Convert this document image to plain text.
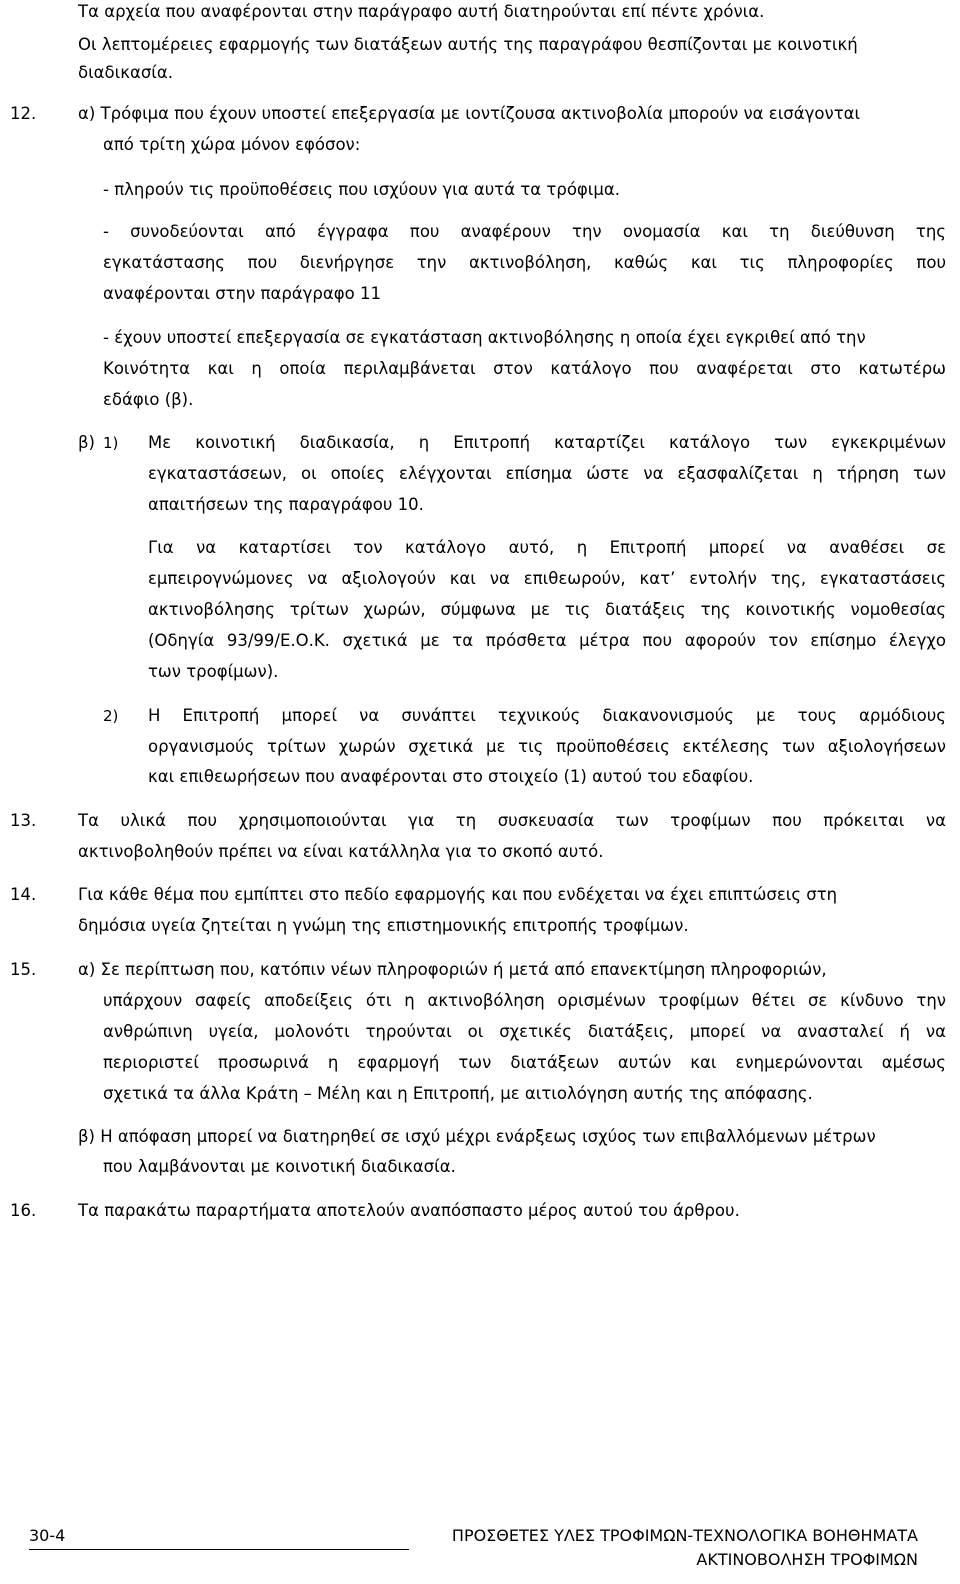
Τα αρχεία που αναφέρονται στην παράγραφο αυτή διατηρούνται επί πέντε χρόνια.
Οι λεπτομέρειες εφαρμογής των διατάξεων αυτής της παραγράφου θεσπίζονται με κοινοτική
διαδικασία.
12.	α) Τρόφιμα που έχουν υποστεί επεξεργασία με ιοντίζουσα ακτινοβολία μπορούν να εισάγονται
από τρίτη χώρα μόνον εφόσον:
- πληρούν τις προϋποθέσεις που ισχύουν για αυτά τα τρόφιμα.
- συνοδεύονται από έγγραφα που αναφέρουν την ονομασία και τη διεύθυνση της
εγκατάστασης που διενήργησε την ακτινοβόληση, καθώς και τις πληροφορίες που
αναφέρονται στην παράγραφο 11
- έχουν υποστεί επεξεργασία σε εγκατάσταση ακτινοβόλησης η οποία έχει εγκριθεί από την
Κοινότητα και η οποία περιλαμβάνεται στον κατάλογο που αναφέρεται στο κατωτέρω
εδάφιο (β).
β) 1) Με κοινοτική διαδικασία, η Επιτροπή καταρτίζει κατάλογο των εγκεκριμένων
εγκαταστάσεων, οι οποίες ελέγχονται επίσημα ώστε να εξασφαλίζεται η τήρηση των
απαιτήσεων της παραγράφου 10.
Για να καταρτίσει τον κατάλογο αυτό, η Επιτροπή μπορεί να αναθέσει σε
εμπειρογνώμονες να αξιολογούν και να επιθεωρούν, κατ’ εντολήν της, εγκαταστάσεις
ακτινοβόλησης τρίτων χωρών, σύμφωνα με τις διατάξεις της κοινοτικής νομοθεσίας
(Οδηγία 93/99/Ε.Ο.Κ. σχετικά με τα πρόσθετα μέτρα που αφορούν τον επίσημο έλεγχο
των τροφίμων).
2) Η Επιτροπή μπορεί να συνάπτει τεχνικούς διακανονισμούς με τους αρμόδιους
οργανισμούς τρίτων χωρών σχετικά με τις προϋποθέσεις εκτέλεσης των αξιολογήσεων
και επιθεωρήσεων που αναφέρονται στο στοιχείο (1) αυτού του εδαφίου.
13.	Τα υλικά που χρησιμοποιούνται για τη συσκευασία των τροφίμων που πρόκειται να
ακτινοβοληθούν πρέπει να είναι κατάλληλα για το σκοπό αυτό.
14.	Για κάθε θέμα που εμπίπτει στο πεδίο εφαρμογής και που ενδέχεται να έχει επιπτώσεις στη
δημόσια υγεία ζητείται η γνώμη της επιστημονικής επιτροπής τροφίμων.
15.	α) Σε περίπτωση που, κατόπιν νέων πληροφοριών ή μετά από επανεκτίμηση πληροφοριών,
υπάρχουν σαφείς αποδείξεις ότι η ακτινοβόληση ορισμένων τροφίμων θέτει σε κίνδυνο την
ανθρώπινη υγεία, μολονότι τηρούνται οι σχετικές διατάξεις, μπορεί να ανασταλεί ή να
περιοριστεί προσωρινά η εφαρμογή των διατάξεων αυτών και ενημερώνονται αμέσως
σχετικά τα άλλα Κράτη – Μέλη και η Επιτροπή, με αιτιολόγηση αυτής της απόφασης.
β) Η απόφαση μπορεί να διατηρηθεί σε ισχύ μέχρι ενάρξεως ισχύος των επιβαλλόμενων μέτρων
που λαμβάνονται με κοινοτική διαδικασία.
16.	Τα παρακάτω παραρτήματα αποτελούν αναπόσπαστο μέρος αυτού του άρθρου.
30-4	ΠΡΟΣΘΕΤΕΣ ΥΛΕΣ ΤΡΟΦΙΜΩΝ-ΤΕΧΝΟΛΟΓΙΚΑ ΒΟΗΘΗΜΑΤΑ
ΑΚΤΙΝΟΒΟΛΗΣΗ ΤΡΟΦΙΜΩΝ
